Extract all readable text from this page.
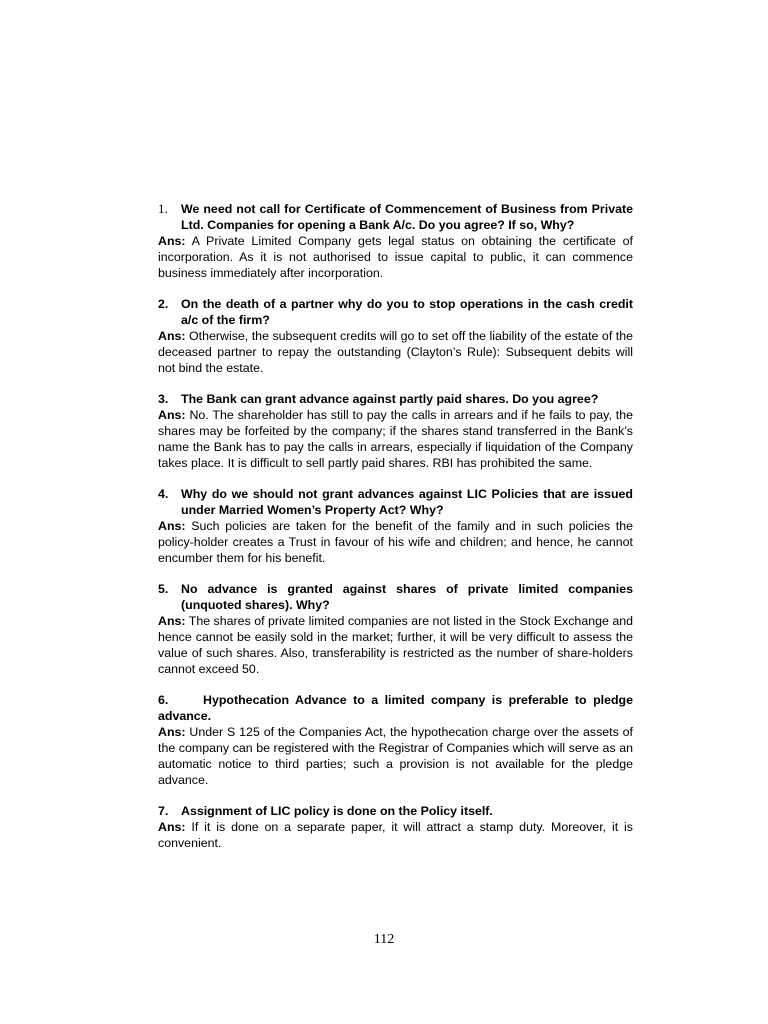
1.	We need not call for Certificate of Commencement of Business from Private Ltd. Companies for opening a Bank A/c. Do you agree? If so, Why?
Ans: A Private Limited Company gets legal status on obtaining the certificate of incorporation. As it is not authorised to issue capital to public, it can commence business immediately after incorporation.
2.	On the death of a partner why do you to stop operations in the cash credit a/c of the firm?
Ans: Otherwise, the subsequent credits will go to set off the liability of the estate of the deceased partner to repay the outstanding (Clayton’s Rule): Subsequent debits will not bind the estate.
3.	The Bank can grant advance against partly paid shares. Do you agree?
Ans: No. The shareholder has still to pay the calls in arrears and if he fails to pay, the shares may be forfeited by the company; if the shares stand transferred in the Bank’s name the Bank has to pay the calls in arrears, especially if liquidation of the Company takes place. It is difficult to sell partly paid shares. RBI has prohibited the same.
4.	Why do we should not grant advances against LIC Policies that are issued under Married Women’s Property Act? Why?
Ans: Such policies are taken for the benefit of the family and in such policies the policy-holder creates a Trust in favour of his wife and children; and hence, he cannot encumber them for his benefit.
5.	No advance is granted against shares of private limited companies (unquoted shares). Why?
Ans: The shares of private limited companies are not listed in the Stock Exchange and hence cannot be easily sold in the market; further, it will be very difficult to assess the value of such shares. Also, transferability is restricted as the number of share-holders cannot exceed 50.
6.	Hypothecation Advance to a limited company is preferable to pledge advance.
Ans: Under S 125 of the Companies Act, the hypothecation charge over the assets of the company can be registered with the Registrar of Companies which will serve as an automatic notice to third parties; such a provision is not available for the pledge advance.
7.	Assignment of LIC policy is done on the Policy itself.
Ans: If it is done on a separate paper, it will attract a stamp duty. Moreover, it is convenient.
112
